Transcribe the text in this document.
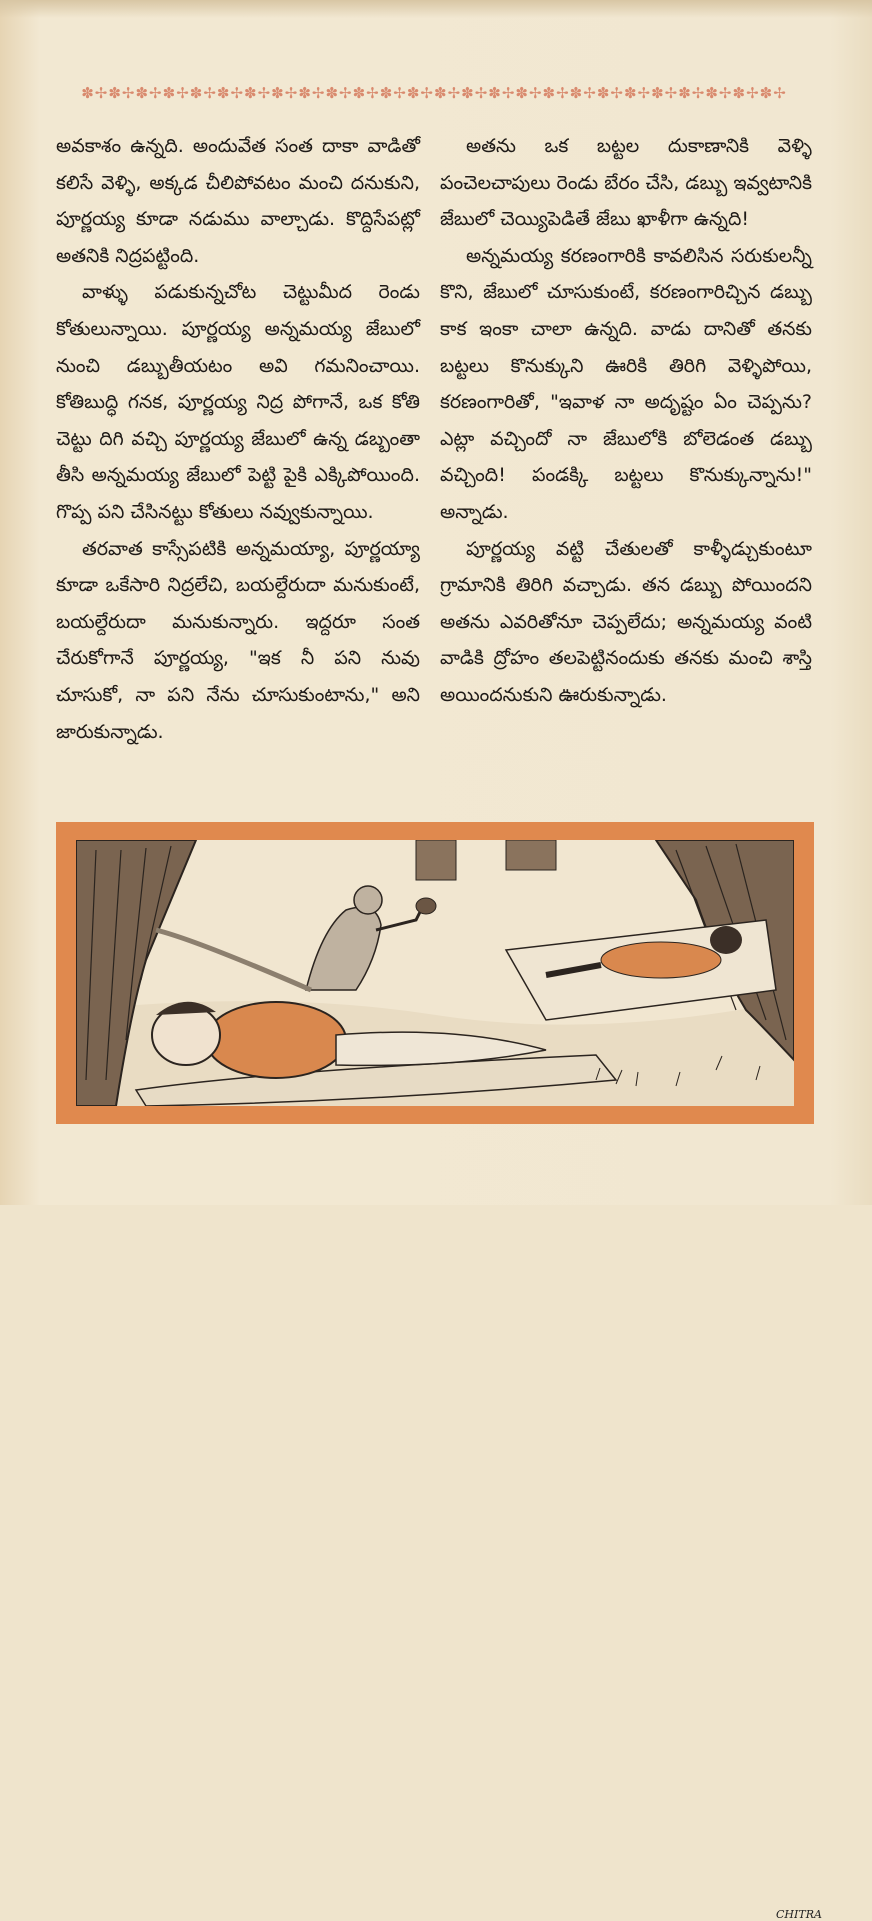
✽✢✽✢✽✢✽✢✽✢✽✢✽✢✽✢✽✢✽✢✽✢✽✢✽✢✽✢✽✢✽✢✽✢✽✢✽✢✽✢✽✢✽✢✽✢✽✢✽✢✽✢

అవకాశం ఉన్నది. అందువేత సంత దాకా వాడితో కలిసే వెళ్ళి, అక్కడ చీలిపోవటం మంచి దనుకుని, పూర్ణయ్య కూడా నడుము వాల్చాడు. కొద్దిసేపట్లో అతనికి నిద్రపట్టింది.

వాళ్ళు పడుకున్నచోట చెట్టుమీద రెండు కోతులున్నాయి. పూర్ణయ్య అన్నమయ్య జేబులో నుంచి డబ్బుతీయటం అవి గమనించాయి. కోతిబుద్ధి గనక, పూర్ణయ్య నిద్ర పోగానే, ఒక కోతి చెట్టు దిగి వచ్చి పూర్ణయ్య జేబులో ఉన్న డబ్బంతా తీసి అన్నమయ్య జేబులో పెట్టి పైకి ఎక్కిపోయింది. గొప్ప పని చేసినట్టు కోతులు నవ్వుకున్నాయి.

తరవాత కాస్సేపటికి అన్నమయ్యా, పూర్ణయ్యా కూడా ఒకేసారి నిద్రలేచి, బయల్దేరుదా మనుకుంటే, బయల్దేరుదా మనుకున్నారు. ఇద్దరూ సంత చేరుకోగానే పూర్ణయ్య, "ఇక నీ పని నువు చూసుకో, నా పని నేను చూసుకుంటాను," అని జారుకున్నాడు.

అతను ఒక బట్టల దుకాణానికి వెళ్ళి పంచెలచాపులు రెండు బేరం చేసి, డబ్బు ఇవ్వటానికి జేబులో చెయ్యిపెడితే జేబు ఖాళీగా ఉన్నది!

అన్నమయ్య కరణంగారికి కావలిసిన సరుకులన్నీ కొని, జేబులో చూసుకుంటే, కరణంగారిచ్చిన డబ్బు కాక ఇంకా చాలా ఉన్నది. వాడు దానితో తనకు బట్టలు కొనుక్కుని ఊరికి తిరిగి వెళ్ళిపోయి, కరణంగారితో, "ఇవాళ నా అదృష్టం ఏం చెప్పను? ఎట్లా వచ్చిందో నా జేబులోకి బోలెడంత డబ్బు వచ్చింది! పండక్కి బట్టలు కొనుక్కున్నాను!" అన్నాడు.

పూర్ణయ్య వట్టి చేతులతో కాళ్ళీడ్చుకుంటూ గ్రామానికి తిరిగి వచ్చాడు. తన డబ్బు పోయిందని అతను ఎవరితోనూ చెప్పలేదు; అన్నమయ్య వంటి వాడికి ద్రోహం తలపెట్టినందుకు తనకు మంచి శాస్తి అయిందనుకుని ఊరుకున్నాడు.

CHITRA
